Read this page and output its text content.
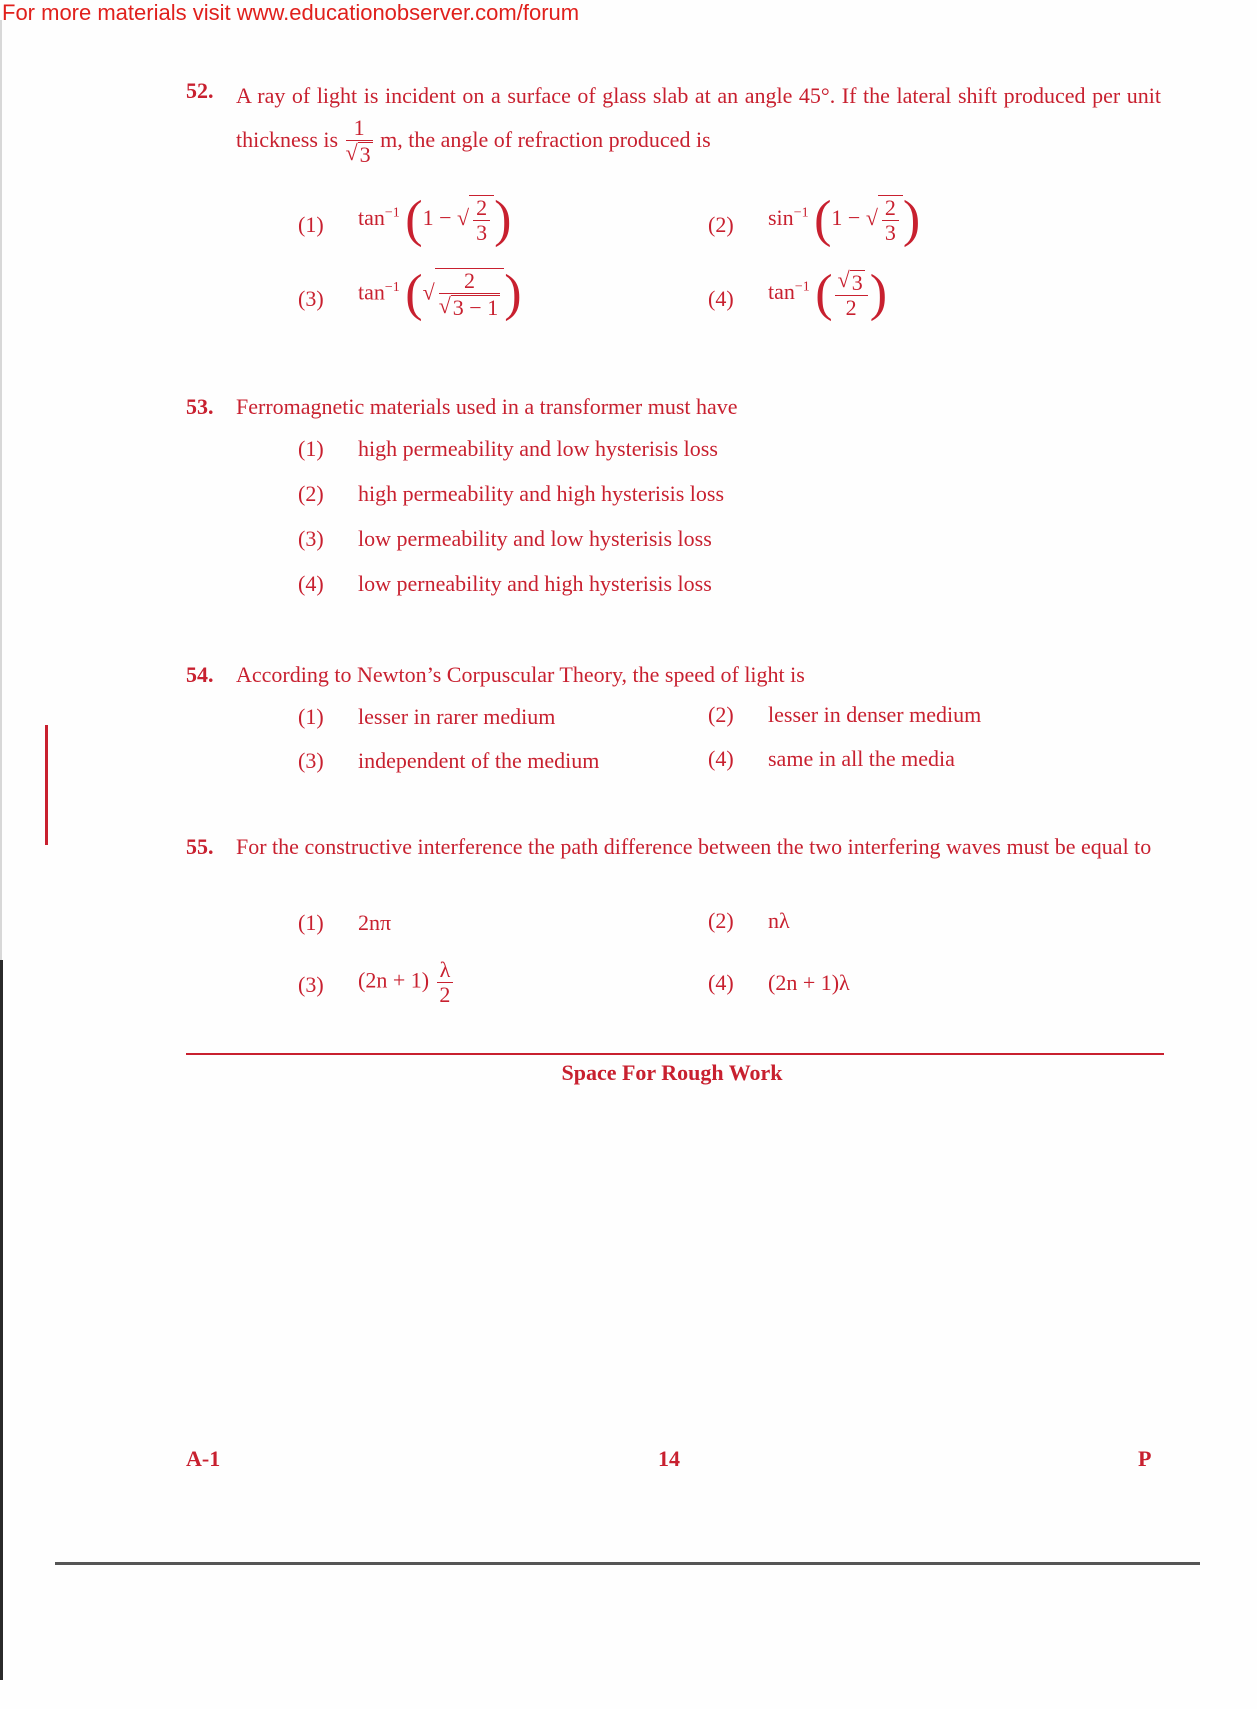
For more materials visit www.educationobserver.com/forum
52. A ray of light is incident on a surface of glass slab at an angle 45°. If the lateral shift produced per unit thickness is $\frac{1}{√3} m$, the angle of refraction produced is
(1)	$\tan^{-1} (1$ − √ $\frac{2}{3}$ )	(2)	$\sin^{-1} (1$ − √ $\frac{2}{3}$ )
(3)	$\tan^{-1}$ (√ $\frac{2}{√3 - 1}$ )	(4)	$\tan^{-1}$ ( $\frac{√3}{2}$ )
53. Ferromagnetic materials used in a transformer must have
(1)	high permeability and low hysterisis loss
(2)	high permeability and high hysterisis loss
(3)	low permeability and low hysterisis loss
(4)	low perneability and high hysterisis loss
54. According to Newton’s Corpuscular Theory, the speed of light is
(1)	lesser in rarer medium	(2)	lesser in denser medium
(3)	independent of the medium	(4)	same in all the media
55. For the constructive interference the path difference between the two interfering waves must be equal to
(1)	2nπ	(2)	nλ
(3)	$(2n + 1) \frac{\lambda}{2}$	(4)	(2n + 1)λ
Space For Rough Work
A-1	14	P
